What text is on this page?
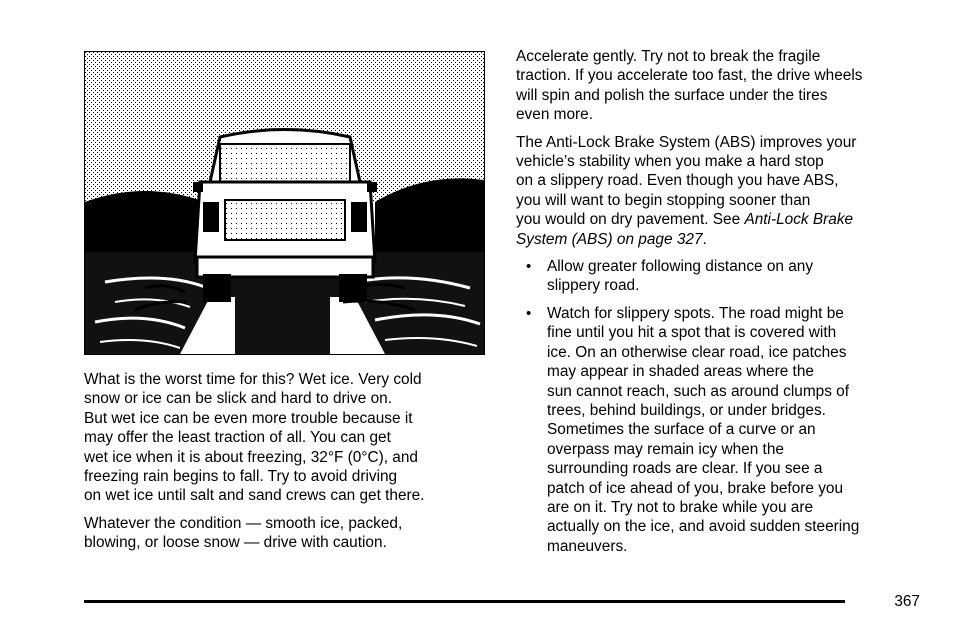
What is the worst time for this? Wet ice. Very cold
snow or ice can be slick and hard to drive on.
But wet ice can be even more trouble because it
may offer the least traction of all. You can get
wet ice when it is about freezing, 32°F (0°C), and
freezing rain begins to fall. Try to avoid driving
on wet ice until salt and sand crews can get there.

Whatever the condition — smooth ice, packed,
blowing, or loose snow — drive with caution.

Accelerate gently. Try not to break the fragile
traction. If you accelerate too fast, the drive wheels
will spin and polish the surface under the tires
even more.

The Anti-Lock Brake System (ABS) improves your
vehicle’s stability when you make a hard stop
on a slippery road. Even though you have ABS,
you will want to begin stopping sooner than
you would on dry pavement. See Anti-Lock Brake
System (ABS) on page 327.

• Allow greater following distance on any
slippery road.
• Watch for slippery spots. The road might be
fine until you hit a spot that is covered with
ice. On an otherwise clear road, ice patches
may appear in shaded areas where the
sun cannot reach, such as around clumps of
trees, behind buildings, or under bridges.
Sometimes the surface of a curve or an
overpass may remain icy when the
surrounding roads are clear. If you see a
patch of ice ahead of you, brake before you
are on it. Try not to brake while you are
actually on the ice, and avoid sudden steering
maneuvers.
367
